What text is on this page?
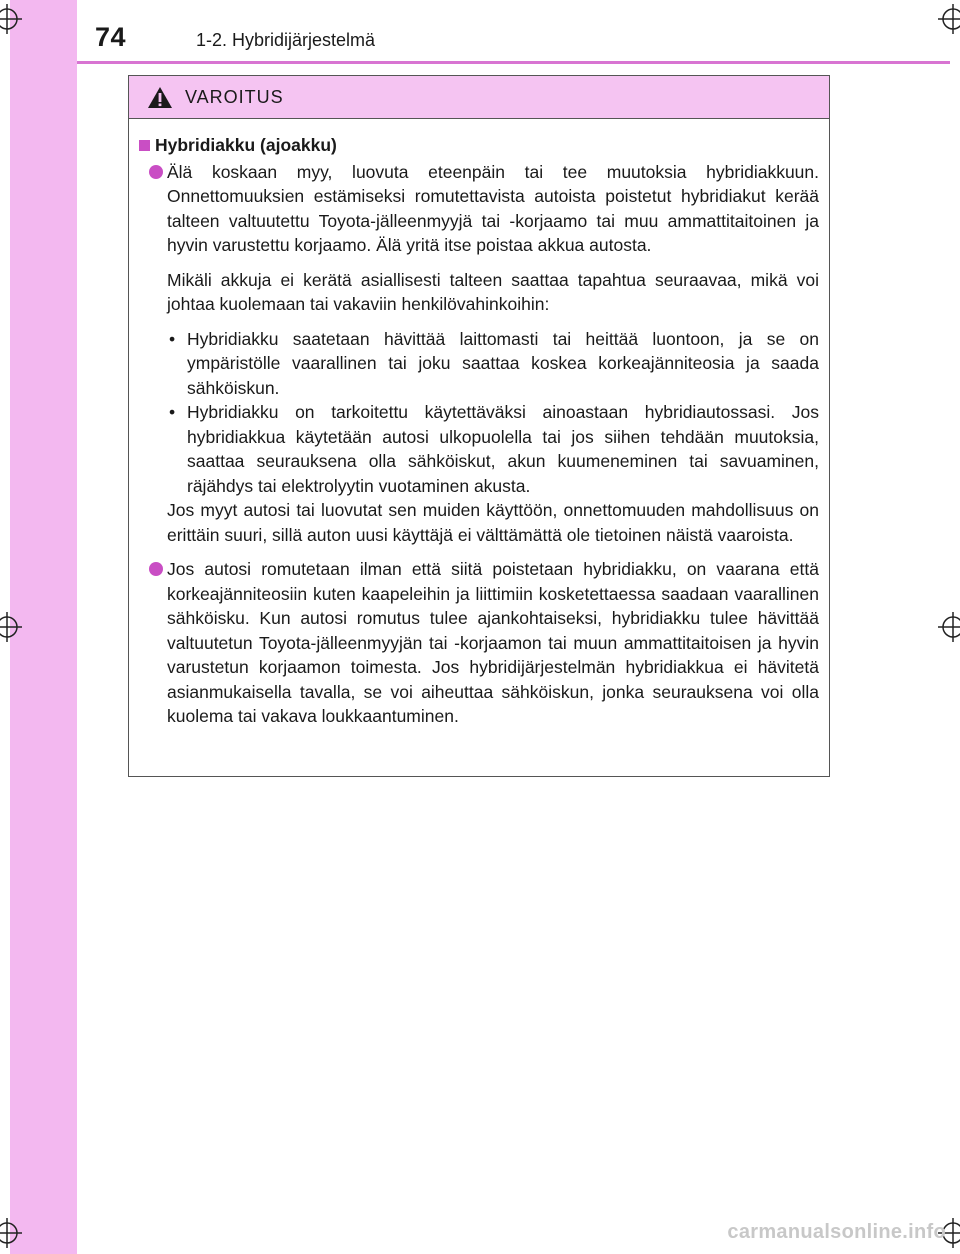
74	1-2. Hybridijärjestelmä
VAROITUS
Hybridiakku (ajoakku)
Älä koskaan myy, luovuta eteenpäin tai tee muutoksia hybridiakkuun. Onnettomuuksien estämiseksi romutettavista autoista poistetut hybridiakut kerää talteen valtuutettu Toyota-jälleenmyyjä tai -korjaamo tai muu ammattitaitoinen ja hyvin varustettu korjaamo. Älä yritä itse poistaa akkua autosta.
Mikäli akkuja ei kerätä asiallisesti talteen saattaa tapahtua seuraavaa, mikä voi johtaa kuolemaan tai vakaviin henkilövahinkoihin:
• Hybridiakku saatetaan hävittää laittomasti tai heittää luontoon, ja se on ympäristölle vaarallinen tai joku saattaa koskea korkeajänniteosia ja saada sähköiskun.
• Hybridiakku on tarkoitettu käytettäväksi ainoastaan hybridiautossasi. Jos hybridiakkua käytetään autosi ulkopuolella tai jos siihen tehdään muutoksia, saattaa seurauksena olla sähköiskut, akun kuumeneminen tai savuaminen, räjähdys tai elektrolyytin vuotaminen akusta.
Jos myyt autosi tai luovutat sen muiden käyttöön, onnettomuuden mahdollisuus on erittäin suuri, sillä auton uusi käyttäjä ei välttämättä ole tietoinen näistä vaaroista.
Jos autosi romutetaan ilman että siitä poistetaan hybridiakku, on vaarana että korkeajänniteosiin kuten kaapeleihin ja liittimiin kosketettaessa saadaan vaarallinen sähköisku. Kun autosi romutus tulee ajankohtaiseksi, hybridiakku tulee hävittää valtuutetun Toyota-jälleenmyyjän tai -korjaamon tai muun ammattitaitoisen ja hyvin varustetun korjaamon toimesta. Jos hybridijärjestelmän hybridiakkua ei hävitetä asianmukaisella tavalla, se voi aiheuttaa sähköiskun, jonka seurauksena voi olla kuolema tai vakava loukkaantuminen.
carmanualsonline.info
